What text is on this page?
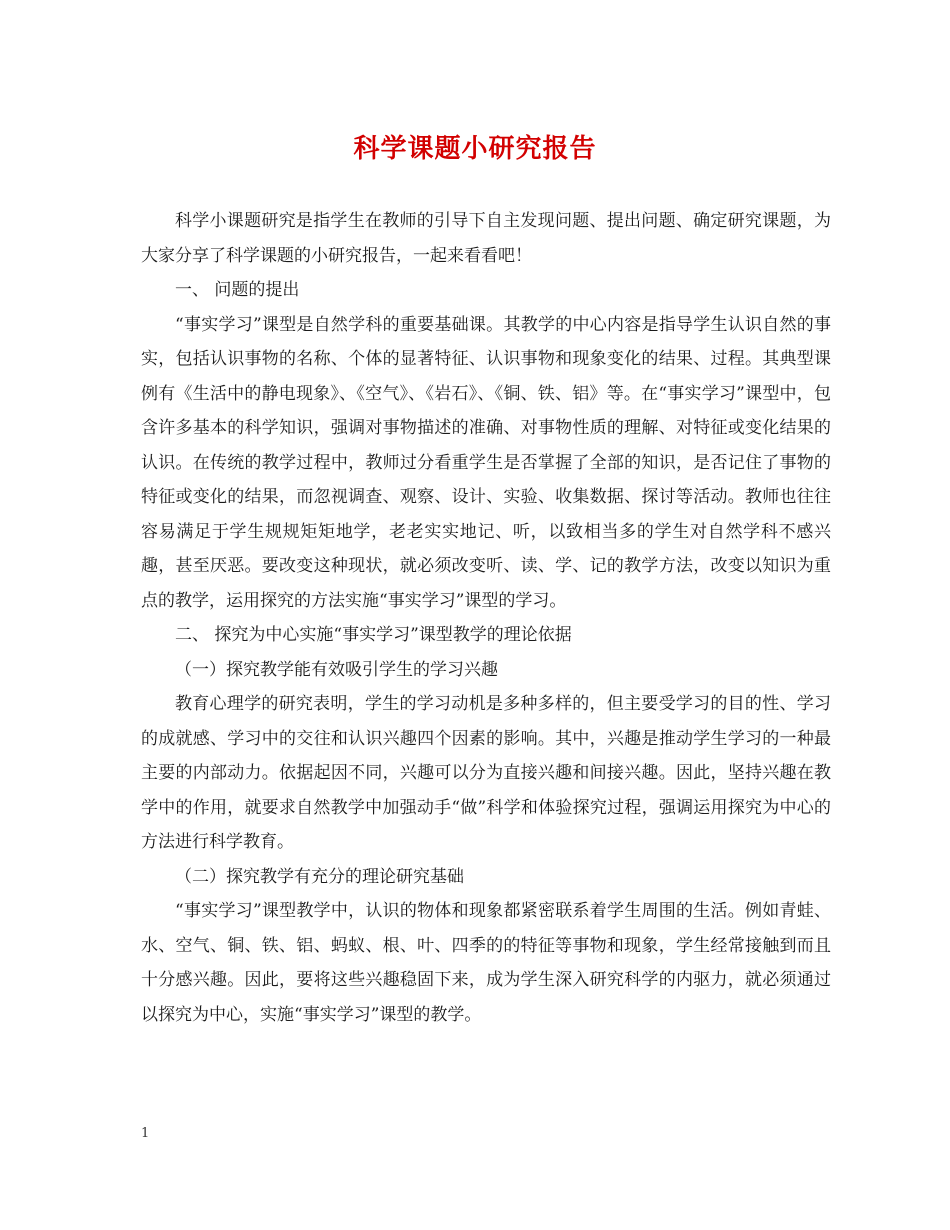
科学课题小研究报告

科学小课题研究是指学生在教师的引导下自主发现问题、提出问题、确定研究课题，为大家分享了科学课题的小研究报告，一起来看看吧！

一、 问题的提出

“事实学习”课型是自然学科的重要基础课。其教学的中心内容是指导学生认识自然的事实，包括认识事物的名称、个体的显著特征、认识事物和现象变化的结果、过程。其典型课例有《生活中的静电现象》、《空气》、《岩石》、《铜、铁、铝》等。在“事实学习”课型中，包含许多基本的科学知识，强调对事物描述的准确、对事物性质的理解、对特征或变化结果的认识。在传统的教学过程中，教师过分看重学生是否掌握了全部的知识，是否记住了事物的特征或变化的结果，而忽视调查、观察、设计、实验、收集数据、探讨等活动。教师也往往容易满足于学生规规矩矩地学，老老实实地记、听，以致相当多的学生对自然学科不感兴趣，甚至厌恶。要改变这种现状，就必须改变听、读、学、记的教学方法，改变以知识为重点的教学，运用探究的方法实施“事实学习”课型的学习。

二、 探究为中心实施“事实学习”课型教学的理论依据

（一）探究教学能有效吸引学生的学习兴趣

教育心理学的研究表明，学生的学习动机是多种多样的，但主要受学习的目的性、学习的成就感、学习中的交往和认识兴趣四个因素的影响。其中，兴趣是推动学生学习的一种最主要的内部动力。依据起因不同，兴趣可以分为直接兴趣和间接兴趣。因此，坚持兴趣在教学中的作用，就要求自然教学中加强动手“做”科学和体验探究过程，强调运用探究为中心的方法进行科学教育。

（二）探究教学有充分的理论研究基础

“事实学习”课型教学中，认识的物体和现象都紧密联系着学生周围的生活。例如青蛙、水、空气、铜、铁、铝、蚂蚁、根、叶、四季的的特征等事物和现象，学生经常接触到而且十分感兴趣。因此，要将这些兴趣稳固下来，成为学生深入研究科学的内驱力，就必须通过以探究为中心，实施“事实学习”课型的教学。

1
